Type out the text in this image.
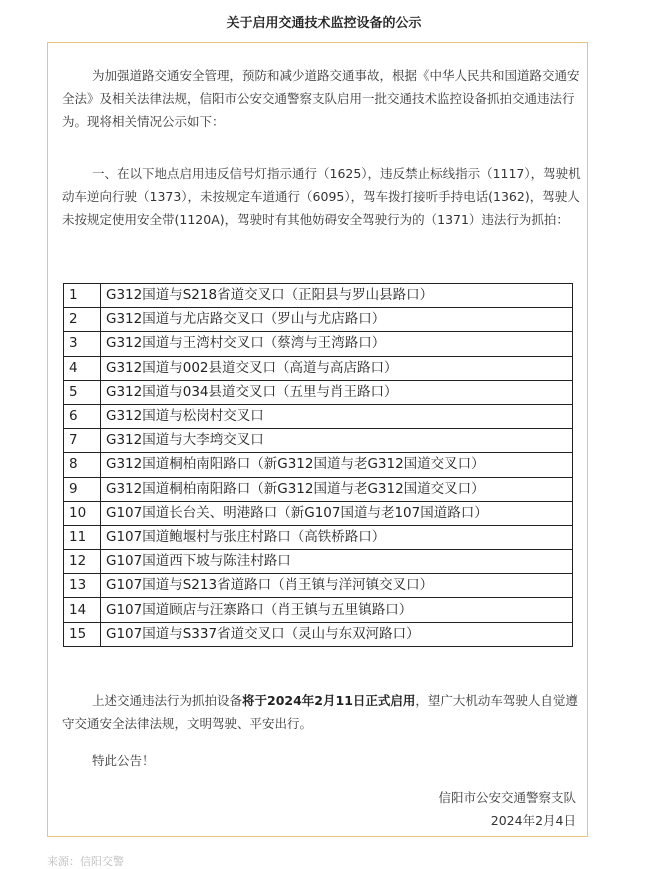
关于启用交通技术监控设备的公示

为加强道路交通安全管理，预防和减少道路交通事故，根据《中华人民共和国道路交通安全法》及相关法律法规，信阳市公安交通警察支队启用一批交通技术监控设备抓拍交通违法行为。现将相关情况公示如下：

一、在以下地点启用违反信号灯指示通行（1625），违反禁止标线指示（1117），驾驶机动车逆向行驶（1373），未按规定车道通行（6095），驾车拨打接听手持电话(1362)，驾驶人未按规定使用安全带(1120A)，驾驶时有其他妨碍安全驾驶行为的（1371）违法行为抓拍：

1	G312国道与S218省道交叉口（正阳县与罗山县路口）
2	G312国道与尤店路交叉口（罗山与尤店路口）
3	G312国道与王湾村交叉口（蔡湾与王湾路口）
4	G312国道与002县道交叉口（高道与高店路口）
5	G312国道与034县道交叉口（五里与肖王路口）
6	G312国道与松岗村交叉口
7	G312国道与大李塆交叉口
8	G312国道桐柏南阳路口（新G312国道与老G312国道交叉口）
9	G312国道桐柏南阳路口（新G312国道与老G312国道交叉口）
10	G107国道长台关、明港路口（新G107国道与老107国道路口）
11	G107国道鲍堰村与张庄村路口（高铁桥路口）
12	G107国道西下坡与陈洼村路口
13	G107国道与S213省道路口（肖王镇与洋河镇交叉口）
14	G107国道顾店与汪寨路口（肖王镇与五里镇路口）
15	G107国道与S337省道交叉口（灵山与东双河路口）

上述交通违法行为抓拍设备将于2024年2月11日正式启用，望广大机动车驾驶人自觉遵守交通安全法律法规，文明驾驶、平安出行。

特此公告！

信阳市公安交通警察支队
2024年2月4日
来源：信阳交警
